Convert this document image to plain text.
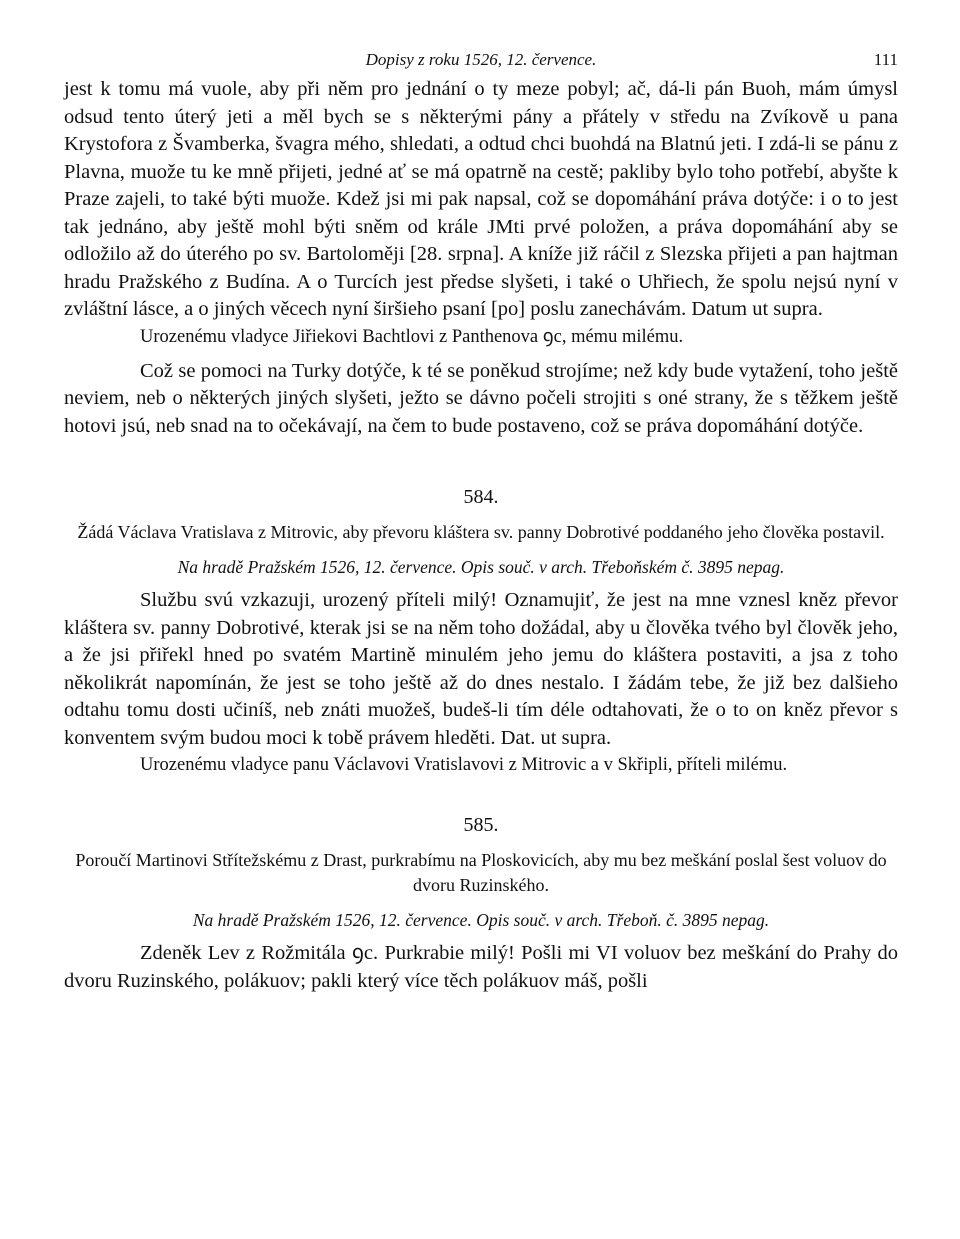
Dopisy z roku 1526, 12. července.	111

jest k tomu má vuole, aby při něm pro jednání o ty meze pobyl; ač, dá-li pán Buoh, mám úmysl odsud tento úterý jeti a měl bych se s některými pány a přátely v středu na Zvíkově u pana Krystofora z Švamberka, švagra mého, shledati, a odtud chci buohdá na Blatnú jeti. I zdá-li se pánu z Plavna, muože tu ke mně přijeti, jedné ať se má opatrně na cestě; pakliby bylo toho potřebí, abyšte k Praze zajeli, to také býti muože. Kdež jsi mi pak napsal, což se dopomáhání práva dotýče: i o to jest tak jednáno, aby ještě mohl býti sněm od krále JMti prvé položen, a práva dopomáhání aby se odložilo až do úterého po sv. Bartoloměji [28. srpna]. A kníže již ráčil z Slezska přijeti a pan hajtman hradu Pražského z Budína. A o Turcích jest předse slyšeti, i také o Uhřiech, že spolu nejsú nyní v zvláštní lásce, a o jiných věcech nyní širšieho psaní [po] poslu zanechávám. Datum ut supra.

Urozenému vladyce Jiřiekovi Bachtlovi z Panthenova ꝯc, mému milému.

Což se pomoci na Turky dotýče, k té se poněkud strojíme; než kdy bude vytažení, toho ještě neviem, neb o některých jiných slyšeti, ježto se dávno počeli strojiti s oné strany, že s těžkem ještě hotovi jsú, neb snad na to očekávají, na čem to bude postaveno, což se práva dopomáhání dotýče.

584.

Žádá Václava Vratislava z Mitrovic, aby převoru kláštera sv. panny Dobrotivé poddaného jeho člověka postavil.

Na hradě Pražském 1526, 12. července. Opis souč. v arch. Třeboňském č. 3895 nepag.

Službu svú vzkazuji, urozený příteli milý! Oznamujiť, že jest na mne vznesl kněz převor kláštera sv. panny Dobrotivé, kterak jsi se na něm toho dožádal, aby u člověka tvého byl člověk jeho, a že jsi přiřekl hned po svatém Martině minulém jeho jemu do kláštera postaviti, a jsa z toho několikrát napomínán, že jest se toho ještě až do dnes nestalo. I žádám tebe, že již bez dalšieho odtahu tomu dosti učiníš, neb znáti muožeš, budeš-li tím déle odtahovati, že o to on kněz převor s konventem svým budou moci k tobě právem hleděti. Dat. ut supra.

Urozenému vladyce panu Václavovi Vratislavovi z Mitrovic a v Skřipli, příteli milému.

585.

Poroučí Martinovi Střítežskému z Drast, purkrabímu na Ploskovicích, aby mu bez meškání poslal šest voluov do dvoru Ruzinského.

Na hradě Pražském 1526, 12. července. Opis souč. v arch. Třeboň. č. 3895 nepag.

Zdeněk Lev z Rožmitála ꝯc. Purkrabie milý! Pošli mi VI voluov bez meškání do Prahy do dvoru Ruzinského, polákuov; pakli který více těch polákuov máš, pošli
